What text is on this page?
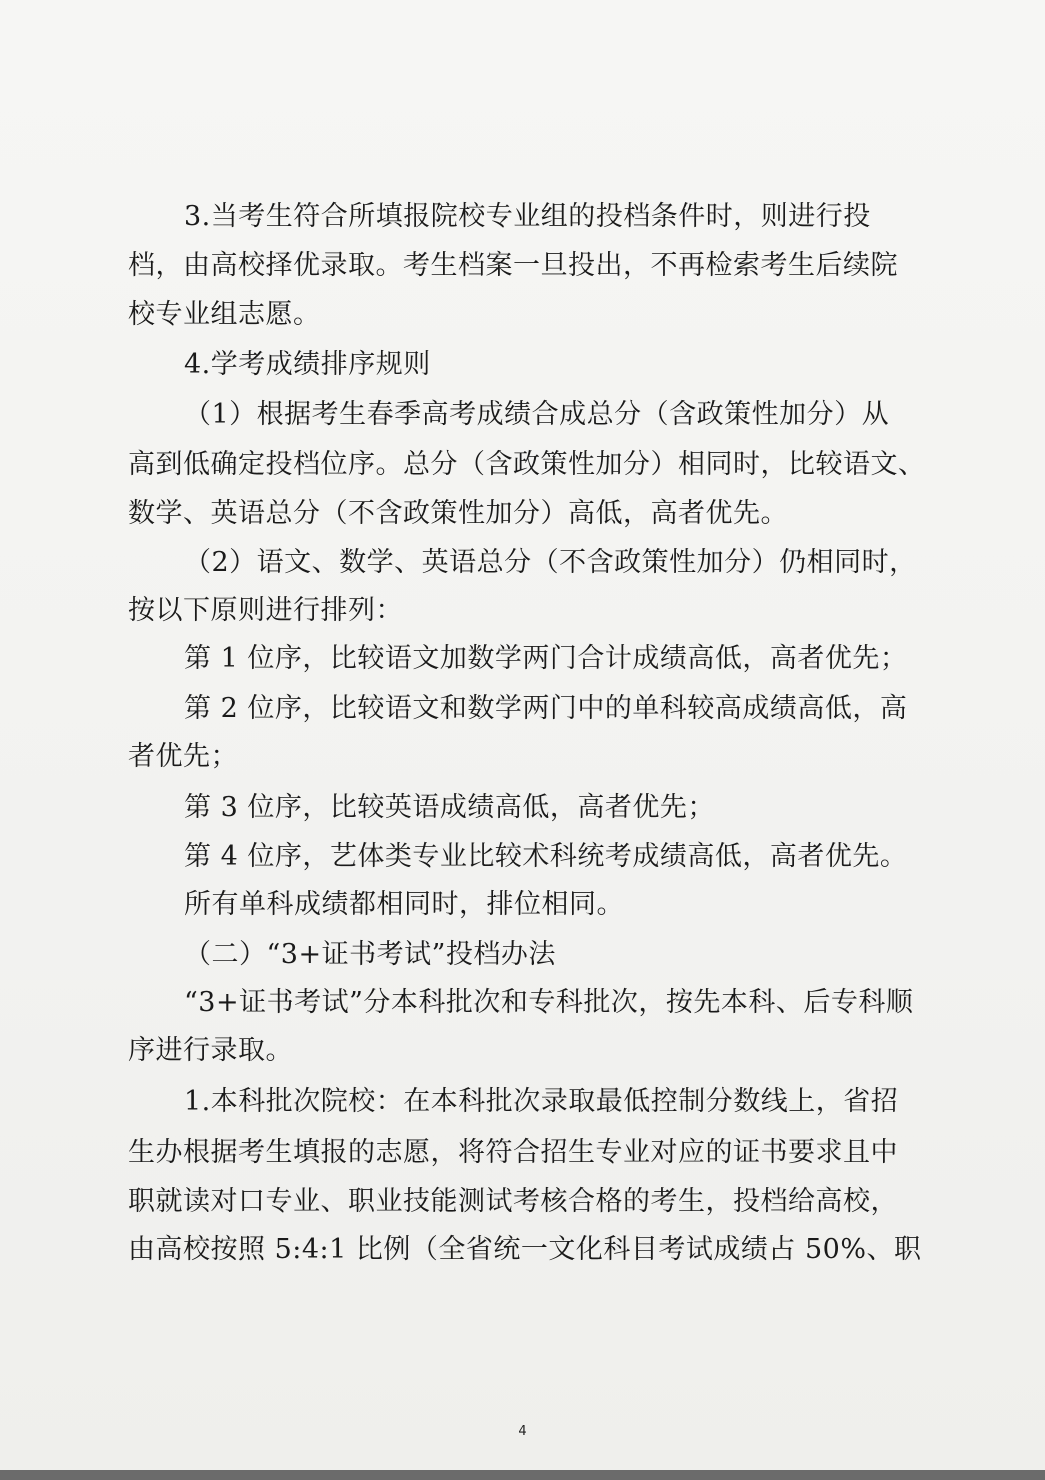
3.当考生符合所填报院校专业组的投档条件时，则进行投
档，由高校择优录取。考生档案一旦投出，不再检索考生后续院
校专业组志愿。
4.学考成绩排序规则
（1）根据考生春季高考成绩合成总分（含政策性加分）从
高到低确定投档位序。总分（含政策性加分）相同时，比较语文、
数学、英语总分（不含政策性加分）高低，高者优先。
（2）语文、数学、英语总分（不含政策性加分）仍相同时，
按以下原则进行排列：
第 1 位序，比较语文加数学两门合计成绩高低，高者优先；
第 2 位序，比较语文和数学两门中的单科较高成绩高低，高
者优先；
第 3 位序，比较英语成绩高低，高者优先；
第 4 位序，艺体类专业比较术科统考成绩高低，高者优先。
所有单科成绩都相同时，排位相同。
（二）“3+证书考试”投档办法
“3+证书考试”分本科批次和专科批次，按先本科、后专科顺
序进行录取。
1.本科批次院校：在本科批次录取最低控制分数线上，省招
生办根据考生填报的志愿，将符合招生专业对应的证书要求且中
职就读对口专业、职业技能测试考核合格的考生，投档给高校，
由高校按照 5:4:1 比例（全省统一文化科目考试成绩占 50%、职
4
